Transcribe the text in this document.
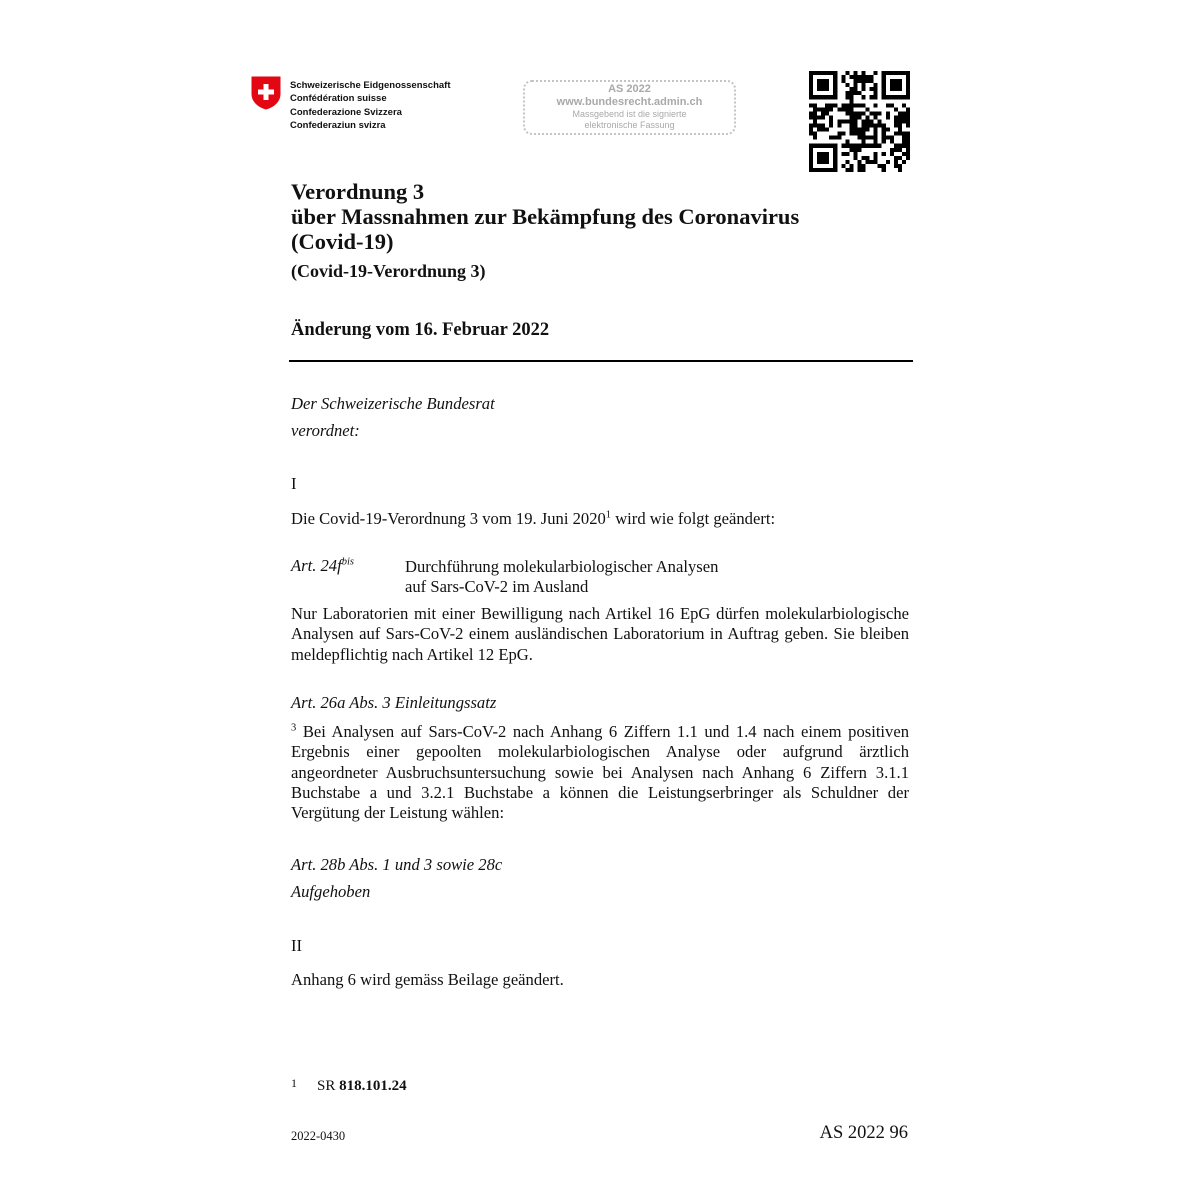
Schweizerische Eidgenossenschaft
Confédération suisse
Confederazione Svizzera
Confederaziun svizra
AS 2022
www.bundesrecht.admin.ch
Massgebend ist die signierte
elektronische Fassung
Verordnung 3
über Massnahmen zur Bekämpfung des Coronavirus
(Covid-19)
(Covid-19-Verordnung 3)
Änderung vom 16. Februar 2022
Der Schweizerische Bundesrat
verordnet:
I
Die Covid-19-Verordnung 3 vom 19. Juni 2020$^1$ wird wie folgt geändert:
Art. $24f^{bis}$	Durchführung molekularbiologischer Analysen
auf Sars-CoV-2 im Ausland
Nur Laboratorien mit einer Bewilligung nach Artikel 16 EpG dürfen molekularbiologische Analysen auf Sars-CoV-2 einem ausländischen Laboratorium in Auftrag geben. Sie bleiben meldepflichtig nach Artikel 12 EpG.
Art. 26a Abs. 3 Einleitungssatz
$^3$ Bei Analysen auf Sars-CoV-2 nach Anhang 6 Ziffern 1.1 und 1.4 nach einem positiven Ergebnis einer gepoolten molekularbiologischen Analyse oder aufgrund ärztlich angeordneter Ausbruchsuntersuchung sowie bei Analysen nach Anhang 6 Ziffern 3.1.1 Buchstabe a und 3.2.1 Buchstabe a können die Leistungserbringer als Schuldner der Vergütung der Leistung wählen:
Art. 28b Abs. 1 und 3 sowie 28c
Aufgehoben
II
Anhang 6 wird gemäss Beilage geändert.
$^1$ SR 818.101.24
2022-0430	AS 2022 96
